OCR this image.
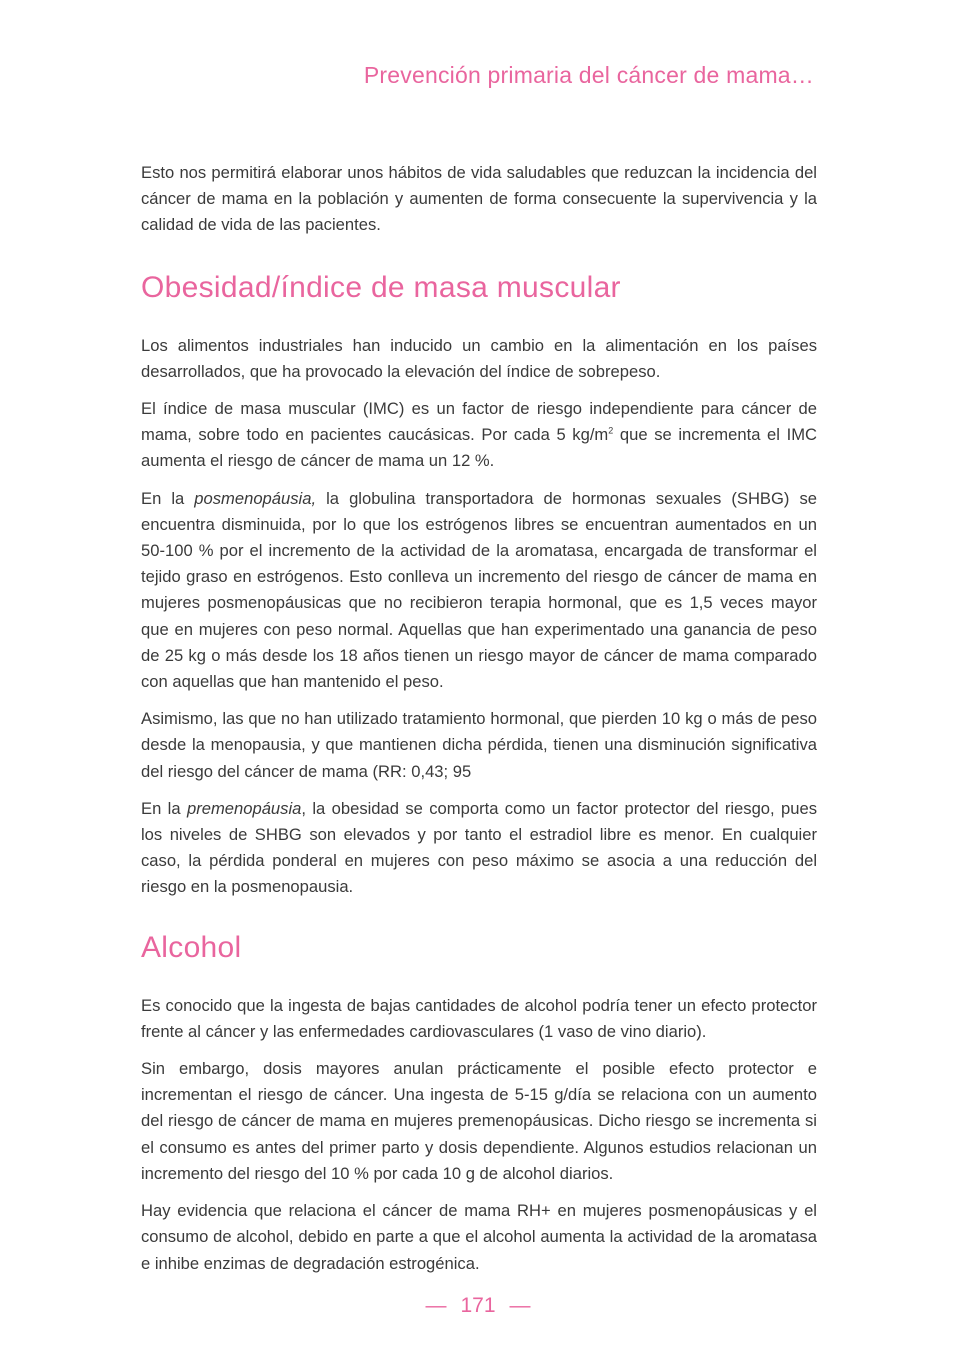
Prevención primaria del cáncer de mama…

Esto nos permitirá elaborar unos hábitos de vida saludables que reduzcan la incidencia del cáncer de mama en la población y aumenten de forma consecuente la supervivencia y la calidad de vida de las pacientes.

Obesidad/índice de masa muscular

Los alimentos industriales han inducido un cambio en la alimentación en los países desarrollados, que ha provocado la elevación del índice de sobrepeso.

El índice de masa muscular (IMC) es un factor de riesgo independiente para cáncer de mama, sobre todo en pacientes caucásicas. Por cada 5 $kg/m^2$ que se incrementa el IMC aumenta el riesgo de cáncer de mama un 12 %.

En la posmenopáusia, la globulina transportadora de hormonas sexuales (SHBG) se encuentra disminuida, por lo que los estrógenos libres se encuentran aumentados en un 50-100 % por el incremento de la actividad de la aromatasa, encargada de transformar el tejido graso en estrógenos. Esto conlleva un incremento del riesgo de cáncer de mama en mujeres posmenopáusicas que no recibieron terapia hormonal, que es 1,5 veces mayor que en mujeres con peso normal. Aquellas que han experimentado una ganancia de peso de 25 kg o más desde los 18 años tienen un riesgo mayor de cáncer de mama comparado con aquellas que han mantenido el peso.

Asimismo, las que no han utilizado tratamiento hormonal, que pierden 10 kg o más de peso desde la menopausia, y que mantienen dicha pérdida, tienen una disminución significativa del riesgo del cáncer de mama (RR: 0,43; 95

En la premenopáusia, la obesidad se comporta como un factor protector del riesgo, pues los niveles de SHBG son elevados y por tanto el estradiol libre es menor. En cualquier caso, la pérdida ponderal en mujeres con peso máximo se asocia a una reducción del riesgo en la posmenopausia.

Alcohol

Es conocido que la ingesta de bajas cantidades de alcohol podría tener un efecto protector frente al cáncer y las enfermedades cardiovasculares (1 vaso de vino diario).

Sin embargo, dosis mayores anulan prácticamente el posible efecto protector e incrementan el riesgo de cáncer. Una ingesta de 5-15 g/día se relaciona con un aumento del riesgo de cáncer de mama en mujeres premenopáusicas. Dicho riesgo se incrementa si el consumo es antes del primer parto y dosis dependiente. Algunos estudios relacionan un incremento del riesgo del 10 % por cada 10 g de alcohol diarios.

Hay evidencia que relaciona el cáncer de mama RH+ en mujeres posmenopáusicas y el consumo de alcohol, debido en parte a que el alcohol aumenta la actividad de la aromatasa e inhibe enzimas de degradación estrogénica.

— 171 —
